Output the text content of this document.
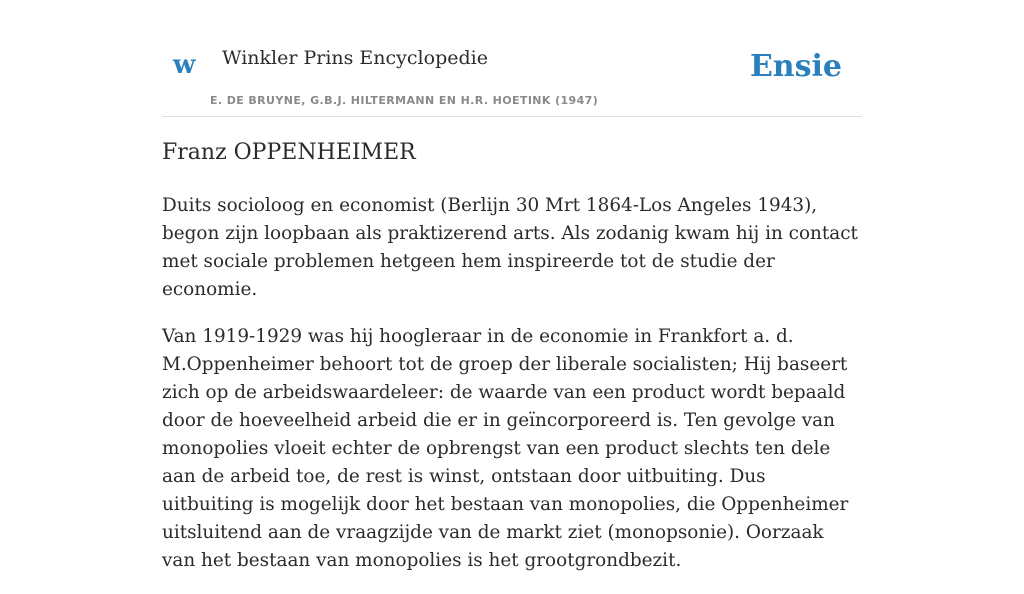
w Winkler Prins Encyclopedie
E. DE BRUYNE, G.B.J. HILTERMANN EN H.R. HOETINK (1947)
Ensie
Franz OPPENHEIMER

Duits socioloog en economist (Berlijn 30 Mrt 1864-Los Angeles 1943), begon zijn loopbaan als praktizerend arts. Als zodanig kwam hij in contact met sociale problemen hetgeen hem inspireerde tot de studie der economie.

Van 1919-1929 was hij hoogleraar in de economie in Frankfort a. d. M.Oppenheimer behoort tot de groep der liberale socialisten; Hij baseert zich op de arbeidswaardeleer: de waarde van een product wordt bepaald door de hoeveelheid arbeid die er in geïncorporeerd is. Ten gevolge van monopolies vloeit echter de opbrengst van een product slechts ten dele aan de arbeid toe, de rest is winst, ontstaan door uitbuiting. Dus uitbuiting is mogelijk door het bestaan van monopolies, die Oppenheimer uitsluitend aan de vraagzijde van de markt ziet (monopsonie). Oorzaak van het bestaan van monopolies is het grootgrondbezit.
